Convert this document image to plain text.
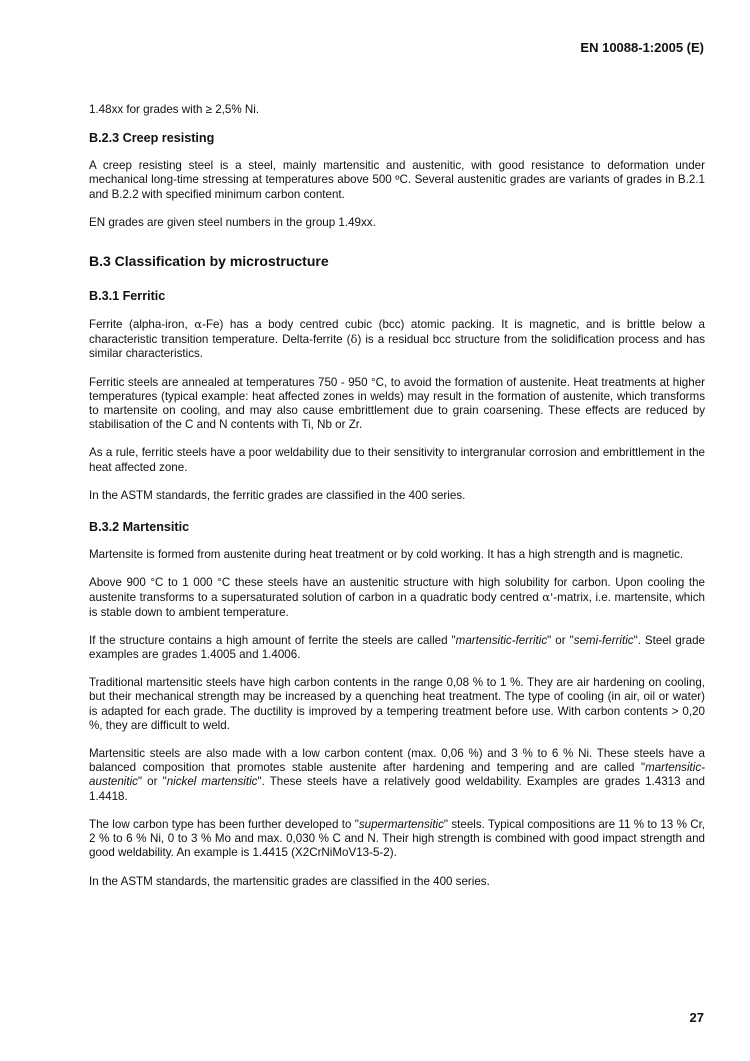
EN 10088-1:2005 (E)

1.48xx for grades with ≥ 2,5% Ni.

B.2.3 Creep resisting

A creep resisting steel is a steel, mainly martensitic and austenitic, with good resistance to deformation under mechanical long-time stressing at temperatures above 500 ºC. Several austenitic grades are variants of grades in B.2.1 and B.2.2 with specified minimum carbon content.

EN grades are given steel numbers in the group 1.49xx.

B.3 Classification by microstructure
B.3.1 Ferritic

Ferrite (alpha-iron, α-Fe) has a body centred cubic (bcc) atomic packing. It is magnetic, and is brittle below a characteristic transition temperature. Delta-ferrite (δ) is a residual bcc structure from the solidification process and has similar characteristics.

Ferritic steels are annealed at temperatures 750 - 950 °C, to avoid the formation of austenite. Heat treatments at higher temperatures (typical example: heat affected zones in welds) may result in the formation of austenite, which transforms to martensite on cooling, and may also cause embrittlement due to grain coarsening. These effects are reduced by stabilisation of the C and N contents with Ti, Nb or Zr.

As a rule, ferritic steels have a poor weldability due to their sensitivity to intergranular corrosion and embrittlement in the heat affected zone.

In the ASTM standards, the ferritic grades are classified in the 400 series.

B.3.2 Martensitic

Martensite is formed from austenite during heat treatment or by cold working. It has a high strength and is magnetic.

Above 900 °C to 1 000 °C these steels have an austenitic structure with high solubility for carbon. Upon cooling the austenite transforms to a supersaturated solution of carbon in a quadratic body centred α'-matrix, i.e. martensite, which is stable down to ambient temperature.

If the structure contains a high amount of ferrite the steels are called "martensitic-ferritic" or "semi-ferritic". Steel grade examples are grades 1.4005 and 1.4006.

Traditional martensitic steels have high carbon contents in the range 0,08 % to 1 %. They are air hardening on cooling, but their mechanical strength may be increased by a quenching heat treatment. The type of cooling (in air, oil or water) is adapted for each grade. The ductility is improved by a tempering treatment before use. With carbon contents > 0,20 %, they are difficult to weld.

Martensitic steels are also made with a low carbon content (max. 0,06 %) and 3 % to 6 % Ni. These steels have a balanced composition that promotes stable austenite after hardening and tempering and are called "martensitic-austenitic" or "nickel martensitic". These steels have a relatively good weldability. Examples are grades 1.4313 and 1.4418.

The low carbon type has been further developed to "supermartensitic" steels. Typical compositions are 11 % to 13 % Cr, 2 % to 6 % Ni, 0 to 3 % Mo and max. 0,030 % C and N. Their high strength is combined with good impact strength and good weldability. An example is 1.4415 (X2CrNiMoV13-5-2).

In the ASTM standards, the martensitic grades are classified in the 400 series.

27
